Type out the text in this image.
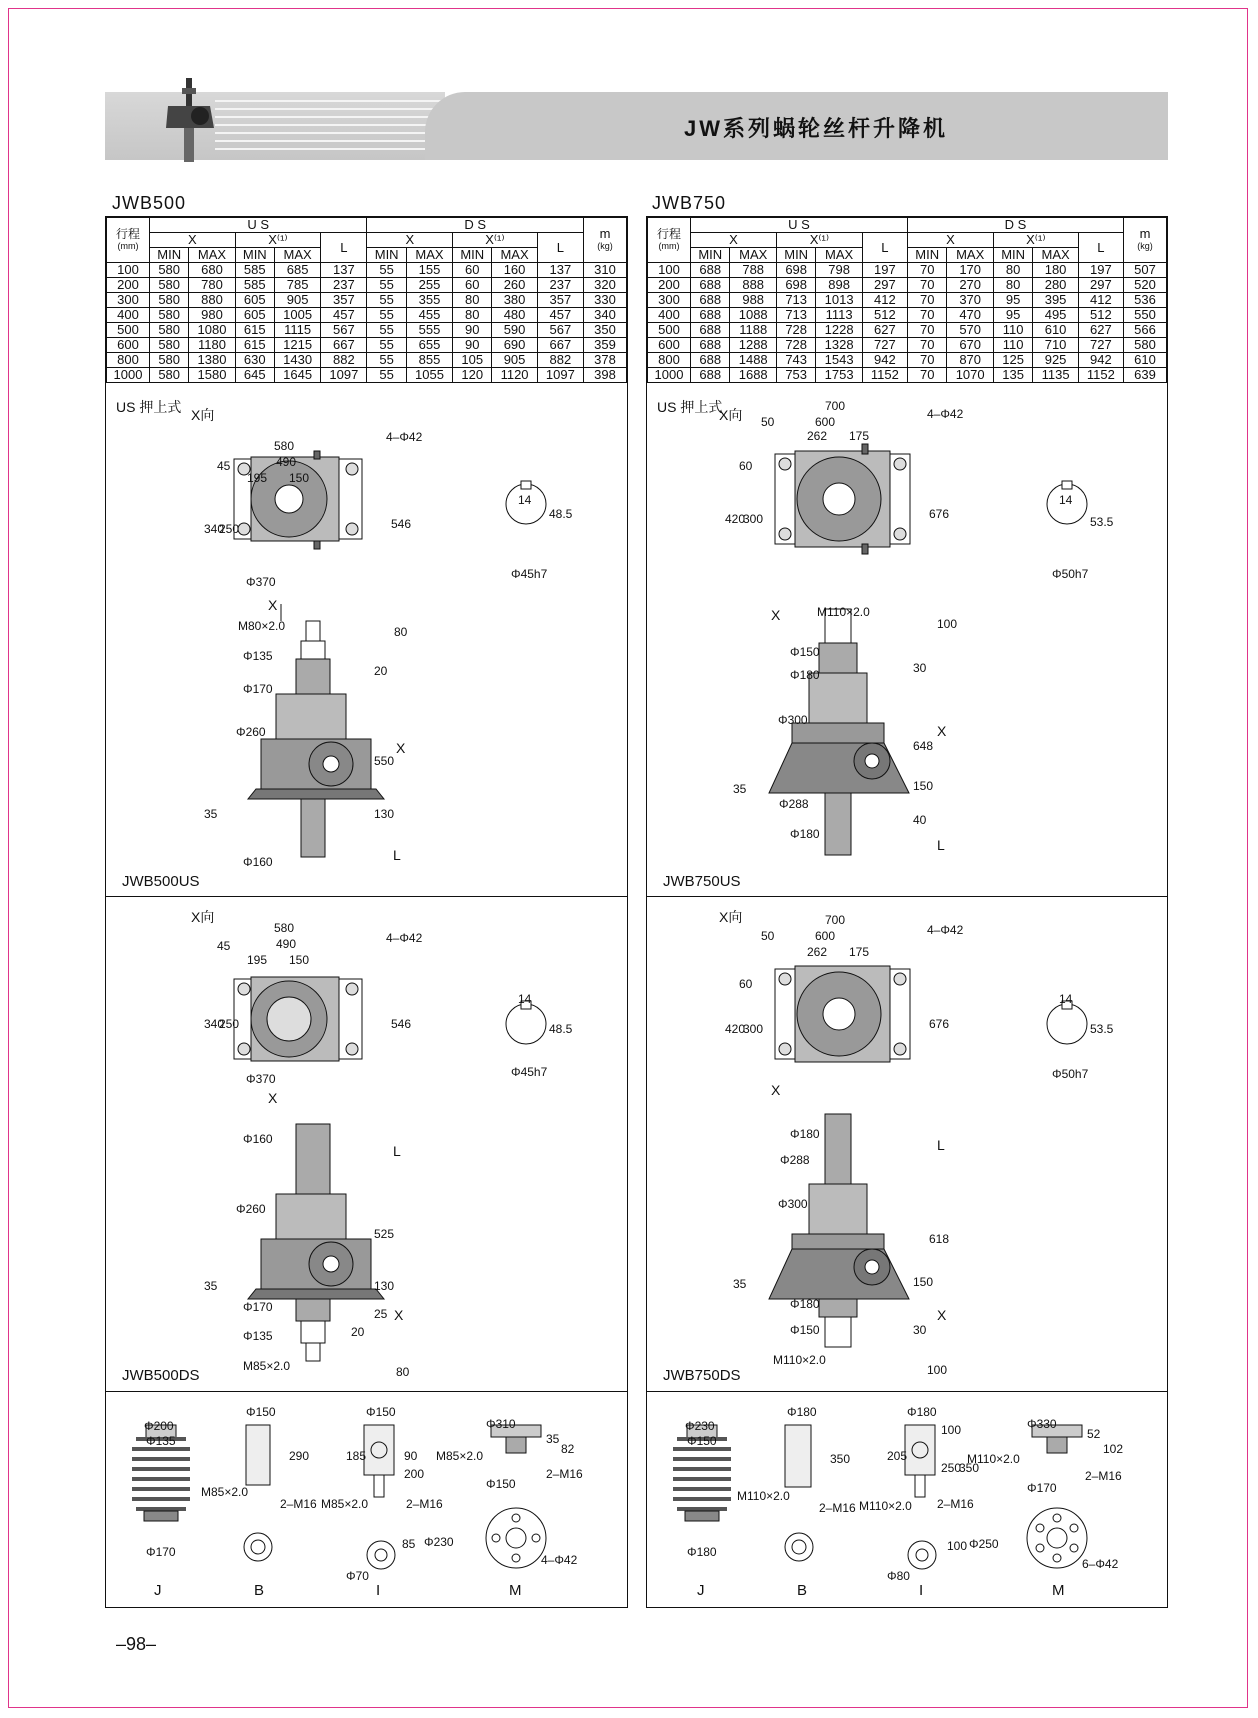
JW系列蜗轮丝杆升降机
JWB500
行程
(mm)	U S					D S					m
(kg)
	X		X⁽¹⁾		L	X		X⁽¹⁾		L	
	MIN	MAX	MIN	MAX		MIN	MAX	MIN	MAX		
100	580	680	585	685	137	55	155	60	160	137	310
200	580	780	585	785	237	55	255	60	260	237	320
300	580	880	605	905	357	55	355	80	380	357	330
400	580	980	605	1005	457	55	455	80	480	457	340
500	580	1080	615	1115	567	55	555	90	590	567	350
600	580	1180	615	1215	667	55	655	90	690	667	359
800	580	1380	630	1430	882	55	855	105	905	882	378
1000	580	1580	645	1645	1097	55	1055	120	1120	1097	398
US 押上式 X向
580
490
195 150
45
4–Φ42
546
340
250
Φ370
14
48.5
Φ45h7
X
M80×2.0
Φ135
Φ170
Φ260
Φ160
80
20
550
X
130
35
L
JWB500US
X向
580
490
195 150
45
4–Φ42
546
340
250
Φ370
14
48.5
Φ45h7
X
Φ160
Φ260
Φ170
Φ135
M85×2.0
L
525
130
35
25 X
20
80
JWB500DS
Φ200
Φ135
Φ170
Φ150
290
M85×2.0
2–M16
Φ150
185
200
90
M85×2.0	2–M16
85
Φ70
Φ310
35
82
M85×2.0
Φ150
2–M16
Φ230
4–Φ42
J	B	I	M
JWB750
行程
(mm)	U S					D S					m
(kg)
	X		X⁽¹⁾		L	X		X⁽¹⁾		L	
	MIN	MAX	MIN	MAX		MIN	MAX	MIN	MAX		
100	688	788	698	798	197	70	170	80	180	197	507
200	688	888	698	898	297	70	270	80	280	297	520
300	688	988	713	1013	412	70	370	95	395	412	536
400	688	1088	713	1113	512	70	470	95	495	512	550
500	688	1188	728	1228	627	70	570	110	610	627	566
600	688	1288	728	1328	727	70	670	110	710	727	580
800	688	1488	743	1543	942	70	870	125	925	942	610
1000	688	1688	753	1753	1152	70	1070	135	1135	1152	639
US 押上式
X向
700
600
50
262 175
4–Φ42
676
420
300
60
14
53.5
Φ50h7
X	M110×2.0
Φ150
Φ180
Φ300
Φ288
Φ180
100
30
X
648
150
35
40
L
JWB750US
X向	700
600
50
262 175
4–Φ42
676
420
300
60
14
53.5
Φ50h7
X
Φ180
Φ288
Φ300
Φ180
Φ150
M110×2.0
L
618
150
35
X
30
100
JWB750DS
Φ230
Φ150
Φ180
Φ180
350
M110×2.0
2–M16
Φ180
205
250
350
100
M110×2.0 2–M16
100
Φ80
Φ330
52
102
M110×2.0
Φ170
2–M16
Φ250
6–Φ42
J	B	I	M
–98–
